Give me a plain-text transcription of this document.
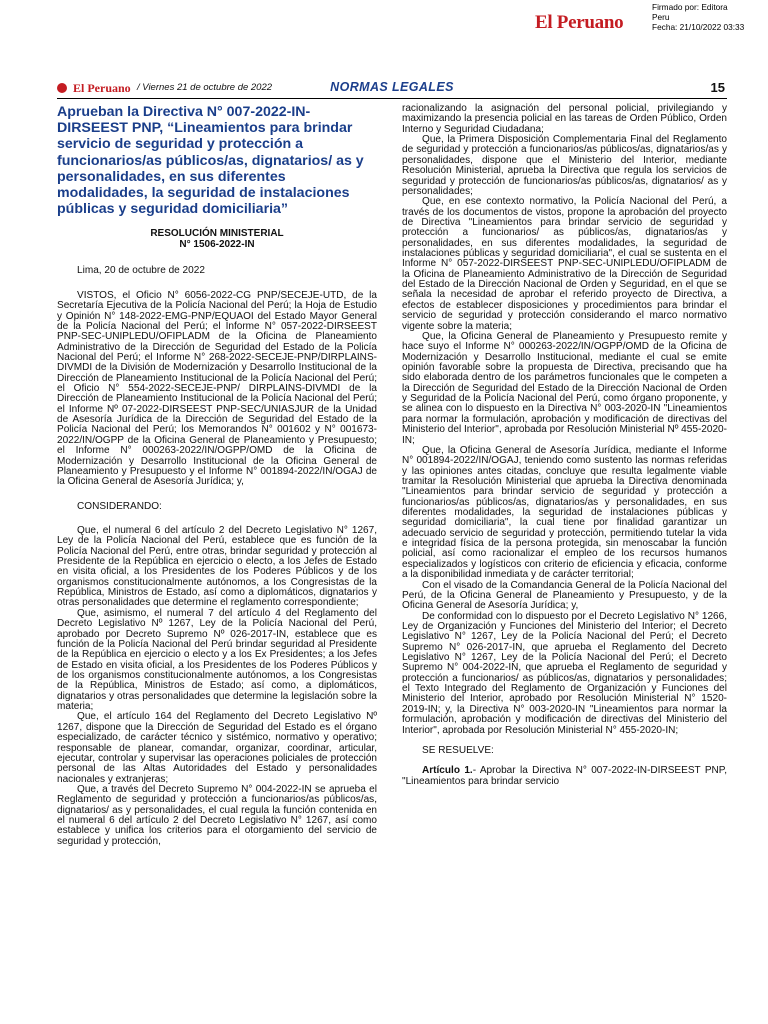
El Peruano
Firmado por: Editora
Peru
Fecha: 21/10/2022 03:33
El Peruano / Viernes 21 de octubre de 2022	NORMAS LEGALES	15
Aprueban la Directiva N° 007-2022-IN-DIRSEEST PNP, “Lineamientos para brindar servicio de seguridad y protección a funcionarios/as públicos/as, dignatarios/ as y personalidades, en sus diferentes modalidades, la seguridad de instalaciones públicas y seguridad domiciliaria”
RESOLUCIÓN MINISTERIAL
N° 1506-2022-IN

Lima, 20 de octubre de 2022

VISTOS, el Oficio N° 6056-2022-CG PNP/SECEJE-UTD, de la Secretaría Ejecutiva de la Policía Nacional del Perú; la Hoja de Estudio y Opinión N° 148-2022-EMG-PNP/EQUAOI del Estado Mayor General de la Policía Nacional del Perú; el Informe N° 057-2022-DIRSEEST PNP-SEC-UNIPLEDU/OFIPLADM de la Oficina de Planeamiento Administrativo de la Dirección de Seguridad del Estado de la Policía Nacional del Perú; el Informe N° 268-2022-SECEJE-PNP/DIRPLAINS-DIVMDI de la División de Modernización y Desarrollo Institucional de la Dirección de Planeamiento Institucional de la Policía Nacional del Perú; el Oficio N° 554-2022-SECEJE-PNP/ DIRPLAINS-DIVMDI de la Dirección de Planeamiento Institucional de la Policía Nacional del Perú; el Informe Nº 07-2022-DIRSEEST PNP-SEC/UNIASJUR de la Unidad de Asesoría Jurídica de la Dirección de Seguridad del Estado de la Policía Nacional del Perú; los Memorandos N° 001602 y N° 001673-2022/IN/OGPP de la Oficina General de Planeamiento y Presupuesto; el Informe N° 000263-2022/IN/OGPP/OMD de la Oficina de Modernización y Desarrollo Institucional de la Oficina General de Planeamiento y Presupuesto y el Informe N° 001894-2022/IN/OGAJ de la Oficina General de Asesoría Jurídica; y,

CONSIDERANDO:

Que, el numeral 6 del artículo 2 del Decreto Legislativo N° 1267, Ley de la Policía Nacional del Perú, establece que es función de la Policía Nacional del Perú, entre otras, brindar seguridad y protección al Presidente de la República en ejercicio o electo, a los Jefes de Estado en visita oficial, a los Presidentes de los Poderes Públicos y de los organismos constitucionalmente autónomos, a los Congresistas de la República, Ministros de Estado, así como a diplomáticos, dignatarios y otras personalidades que determine el reglamento correspondiente;

Que, asimismo, el numeral 7 del artículo 4 del Reglamento del Decreto Legislativo Nº 1267, Ley de la Policía Nacional del Perú, aprobado por Decreto Supremo Nº 026-2017-IN, establece que es función de la Policía Nacional del Perú brindar seguridad al Presidente de la República en ejercicio o electo y a los Ex Presidentes; a los Jefes de Estado en visita oficial, a los Presidentes de los Poderes Públicos y de los organismos constitucionalmente autónomos, a los Congresistas de la República, Ministros de Estado; así como, a diplomáticos, dignatarios y otras personalidades que determine la legislación sobre la materia;

Que, el artículo 164 del Reglamento del Decreto Legislativo Nº 1267, dispone que la Dirección de Seguridad del Estado es el órgano especializado, de carácter técnico y sistémico, normativo y operativo; responsable de planear, comandar, organizar, coordinar, articular, ejecutar, controlar y supervisar las operaciones policiales de protección personal de las Altas Autoridades del Estado y personalidades nacionales y extranjeras;

Que, a través del Decreto Supremo N° 004-2022-IN se aprueba el Reglamento de seguridad y protección a funcionarios/as públicos/as, dignatarios/ as y personalidades, el cual regula la función contenida en el numeral 6 del artículo 2 del Decreto Legislativo N° 1267, así como establece y unifica los criterios para el otorgamiento del servicio de seguridad y protección,

racionalizando la asignación del personal policial, privilegiando y maximizando la presencia policial en las tareas de Orden Público, Orden Interno y Seguridad Ciudadana;

Que, la Primera Disposición Complementaria Final del Reglamento de seguridad y protección a funcionarios/as públicos/as, dignatarios/as y personalidades, dispone que el Ministerio del Interior, mediante Resolución Ministerial, aprueba la Directiva que regula los servicios de seguridad y protección de funcionarios/as públicos/as, dignatarios/ as y personalidades;

Que, en ese contexto normativo, la Policía Nacional del Perú, a través de los documentos de vistos, propone la aprobación del proyecto de Directiva "Lineamientos para brindar servicio de seguridad y protección a funcionarios/ as públicos/as, dignatarios/as y personalidades, en sus diferentes modalidades, la seguridad de instalaciones públicas y seguridad domiciliaria", el cual se sustenta en el Informe N° 057-2022-DIRSEEST PNP-SEC-UNIPLEDU/OFIPLADM de la Oficina de Planeamiento Administrativo de la Dirección de Seguridad del Estado de la Dirección Nacional de Orden y Seguridad, en el que se señala la necesidad de aprobar el referido proyecto de Directiva, a efectos de establecer disposiciones y procedimientos para brindar el servicio de seguridad y protección considerando el marco normativo vigente sobre la materia;

Que, la Oficina General de Planeamiento y Presupuesto remite y hace suyo el Informe N° 000263-2022/IN/OGPP/OMD de la Oficina de Modernización y Desarrollo Institucional, mediante el cual se emite opinión favorable sobre la propuesta de Directiva, precisando que ha sido elaborada dentro de los parámetros funcionales que le competen a la Dirección de Seguridad del Estado de la Dirección Nacional de Orden y Seguridad de la Policía Nacional del Perú, como órgano proponente, y se alinea con lo dispuesto en la Directiva N° 003-2020-IN "Lineamientos para normar la formulación, aprobación y modificación de directivas del Ministerio del Interior", aprobada por Resolución Ministerial Nº 455-2020-IN;

Que, la Oficina General de Asesoría Jurídica, mediante el Informe N° 001894-2022/IN/OGAJ, teniendo como sustento las normas referidas y las opiniones antes citadas, concluye que resulta legalmente viable tramitar la Resolución Ministerial que aprueba la Directiva denominada "Lineamientos para brindar servicio de seguridad y protección a funcionarios/as públicos/as, dignatarios/as y personalidades, en sus diferentes modalidades, la seguridad de instalaciones públicas y seguridad domiciliaria", la cual tiene por finalidad garantizar un adecuado servicio de seguridad y protección, permitiendo tutelar la vida e integridad física de la persona protegida, sin menoscabar la función policial, así como racionalizar el empleo de los recursos humanos especializados y logísticos con criterio de eficiencia y eficacia, conforme a la disponibilidad inmediata y de carácter territorial;

Con el visado de la Comandancia General de la Policía Nacional del Perú, de la Oficina General de Planeamiento y Presupuesto, y de la Oficina General de Asesoría Jurídica; y,

De conformidad con lo dispuesto por el Decreto Legislativo N° 1266, Ley de Organización y Funciones del Ministerio del Interior; el Decreto Legislativo N° 1267, Ley de la Policía Nacional del Perú; el Decreto Supremo N° 026-2017-IN, que aprueba el Reglamento del Decreto Legislativo N° 1267, Ley de la Policía Nacional del Perú; el Decreto Supremo N° 004-2022-IN, que aprueba el Reglamento de seguridad y protección a funcionarios/ as públicos/as, dignatarios y personalidades; el Texto Integrado del Reglamento de Organización y Funciones del Ministerio del Interior, aprobado por Resolución Ministerial N° 1520-2019-IN; y, la Directiva N° 003-2020-IN "Lineamientos para normar la formulación, aprobación y modificación de directivas del Ministerio del Interior", aprobada por Resolución Ministerial N° 455-2020-IN;

SE RESUELVE:

Artículo 1.- Aprobar la Directiva N° 007-2022-IN-DIRSEEST PNP, "Lineamientos para brindar servicio
